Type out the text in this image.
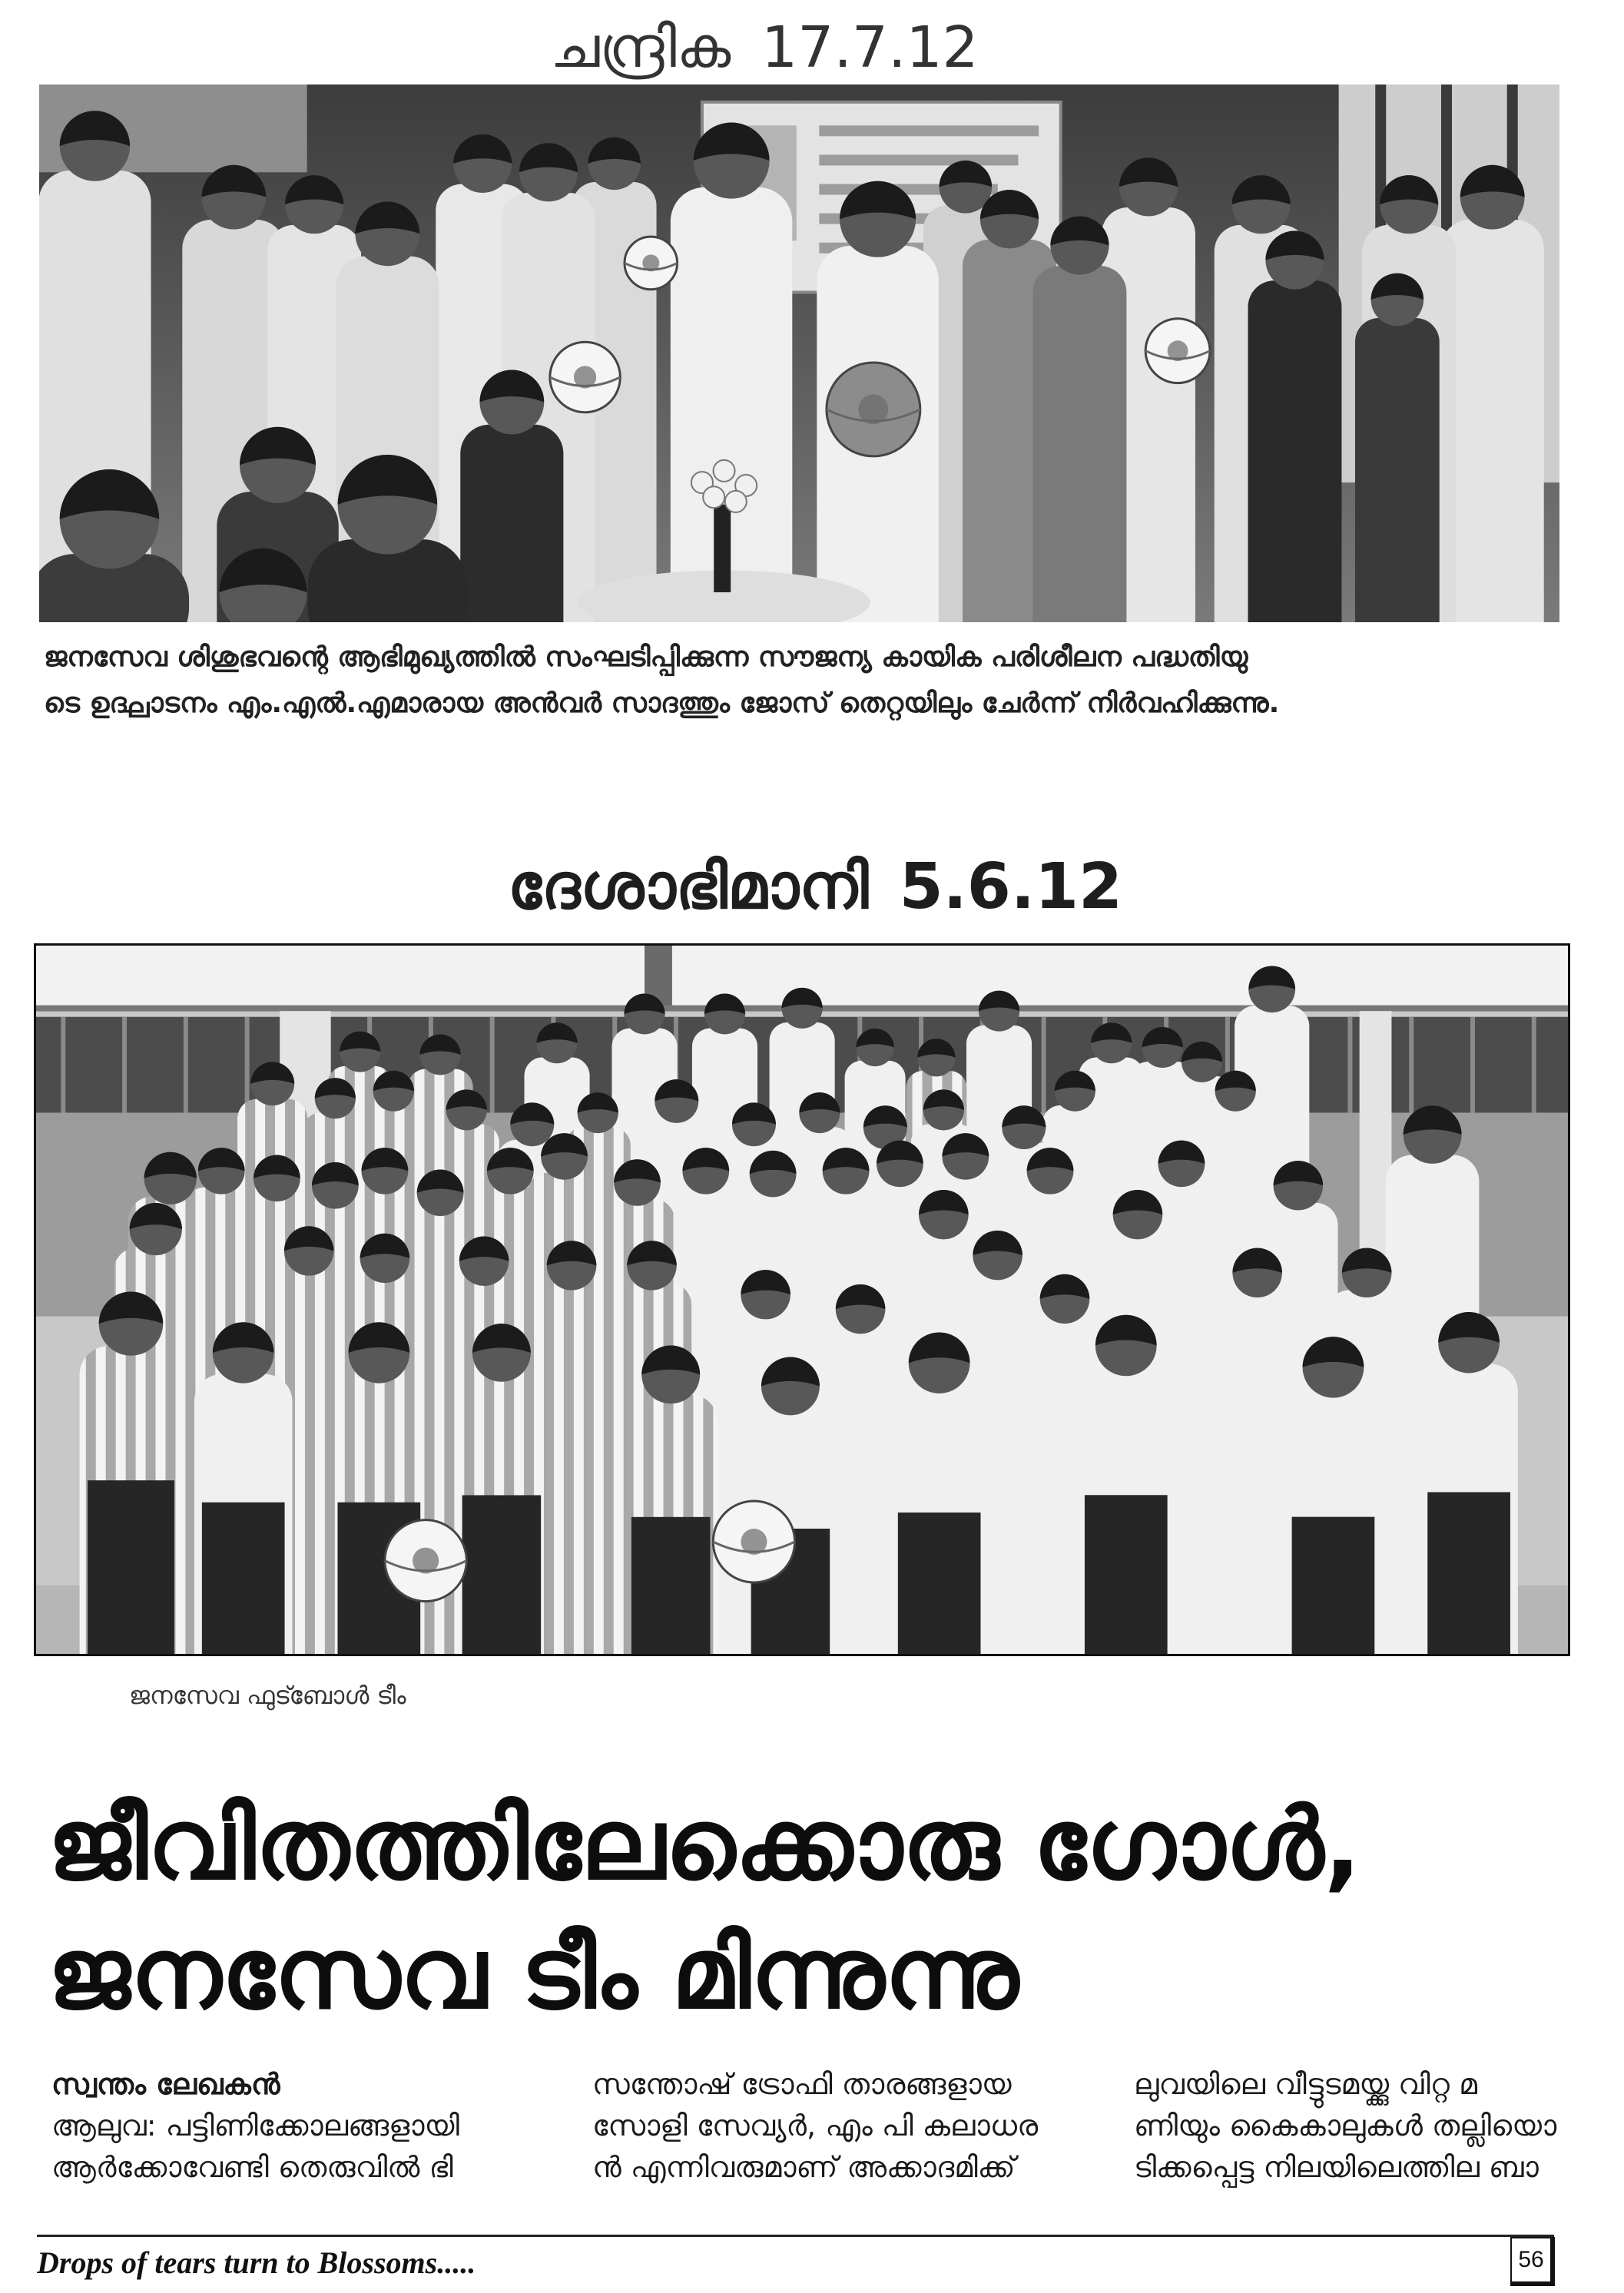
ചന്ദ്രിക 17.7.12
ജനസേവ ശിശുഭവന്റെ ആഭിമുഖ്യത്തിൽ സംഘടിപ്പിക്കുന്ന സൗജന്യ കായിക പരിശീലന പദ്ധതിയു
ടെ ഉദ്ഘാടനം എം.എൽ.എമാരായ അൻവർ സാദത്തും ജോസ് തെറ്റയിലും ചേർന്ന് നിർവഹിക്കുന്നു.
ദേശാഭിമാനി 5.6.12
ജനസേവ ഫുട്ബോൾ ടീം
ജീവിതത്തിലേക്കൊരു ഗോൾ,
ജനസേവ ടീം മിന്നുന്നു
സ്വന്തം ലേഖകൻ
ആലുവ: പട്ടിണിക്കോലങ്ങളായി
ആർക്കോവേണ്ടി തെരുവിൽ ഭി
സന്തോഷ് ട്രോഫി താരങ്ങളായ
സോളി സേവ്യർ, എം പി കലാധര
ൻ എന്നിവരുമാണ് അക്കാദമിക്ക്
ലുവയിലെ വീട്ടുടമയ്ക്കു വിറ്റ മ
ണിയും കൈകാലുകൾ തല്ലിയൊ
ടിക്കപ്പെട്ട നിലയിലെത്തില ബാ
Drops of tears turn to Blossoms.....	56
